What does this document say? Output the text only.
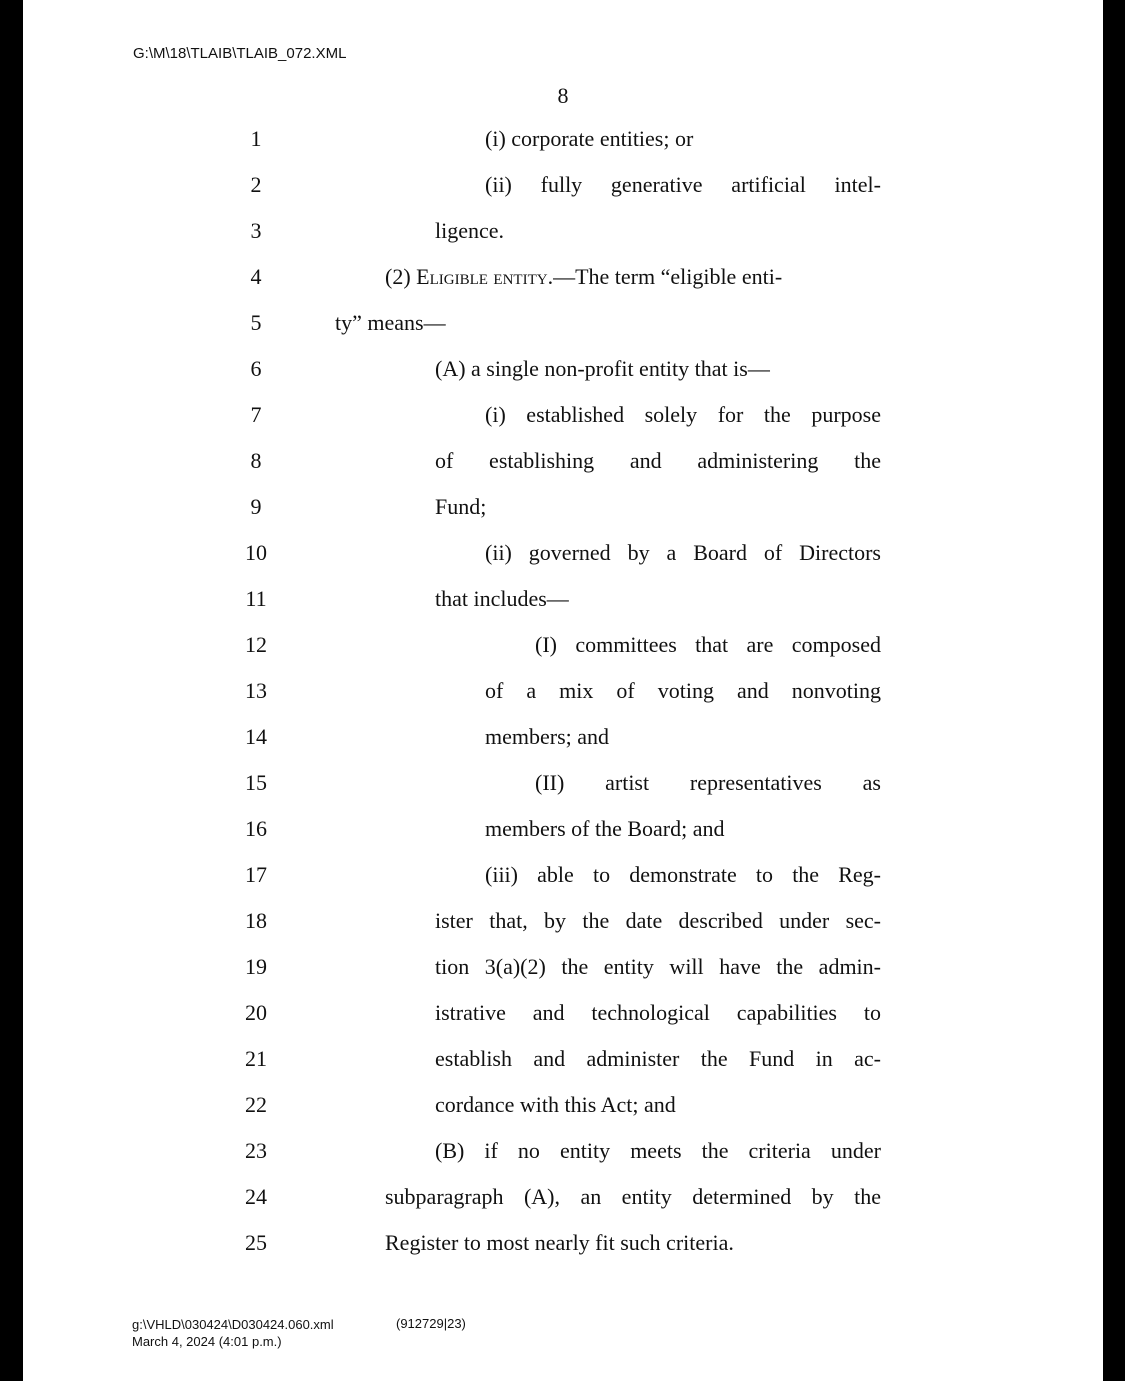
G:\M\18\TLAIB\TLAIB_072.XML
8
1	(i) corporate entities; or
2	(ii) fully generative artificial intel-
3	ligence.
4	(2) Eligible entity.—The term “eligible enti-
5	ty” means—
6	(A) a single non-profit entity that is—
7	(i) established solely for the purpose
8	of establishing and administering the
9	Fund;
10	(ii) governed by a Board of Directors
11	that includes—
12	(I) committees that are composed
13	of a mix of voting and nonvoting
14	members; and
15	(II) artist representatives as
16	members of the Board; and
17	(iii) able to demonstrate to the Reg-
18	ister that, by the date described under sec-
19	tion 3(a)(2) the entity will have the admin-
20	istrative and technological capabilities to
21	establish and administer the Fund in ac-
22	cordance with this Act; and
23	(B) if no entity meets the criteria under
24	subparagraph (A), an entity determined by the
25	Register to most nearly fit such criteria.
g:\VHLD\030424\D030424.060.xml
March 4, 2024 (4:01 p.m.)
(912729|23)
